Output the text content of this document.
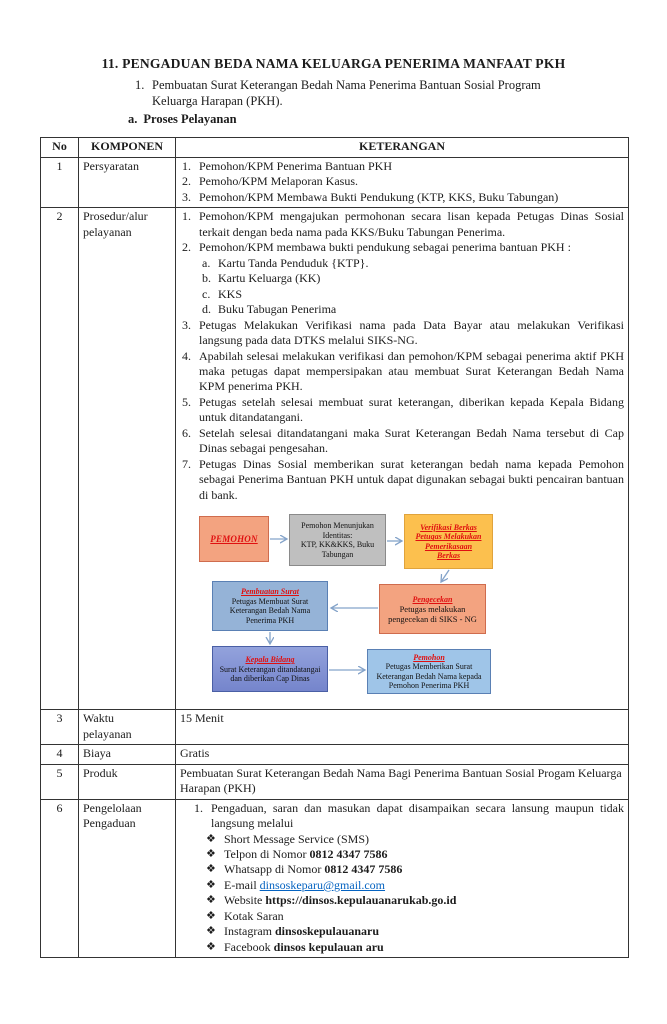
11. PENGADUAN BEDA NAMA KELUARGA PENERIMA MANFAAT PKH
1. Pembuatan Surat Keterangan Bedah Nama Penerima Bantuan Sosial Program Keluarga Harapan (PKH).
a. Proses Pelayanan
No	KOMPONEN	KETERANGAN
1	Persyaratan	1. Pemohon/KPM Penerima Bantuan PKH
2. Pemoho/KPM Melaporan Kasus.
3. Pemohon/KPM Membawa Bukti Pendukung (KTP, KKS, Buku Tabungan)

2	Prosedur/alur pelayanan	
1. Pemohon/KPM mengajukan permohonan secara lisan kepada Petugas Dinas Sosial terkait dengan beda nama pada KKS/Buku Tabungan Penerima.
2. Pemohon/KPM membawa bukti pendukung sebagai penerima bantuan PKH :
a. Kartu Tanda Penduduk {KTP}.
b. Kartu Keluarga (KK)
c. KKS
d. Buku Tabugan Penerima
3. Petugas Melakukan Verifikasi nama pada Data Bayar atau melakukan Verifikasi langsung pada data DTKS melalui SIKS-NG.
4. Apabilah selesai melakukan verifikasi dan pemohon/KPM sebagai penerima aktif PKH maka petugas dapat mempersipakan atau membuat Surat Keterangan Bedah Nama KPM penerima PKH.
5. Petugas setelah selesai membuat surat keterangan, diberikan kepada Kepala Bidang untuk ditandatangani.
6. Setelah selesai ditandatangani maka Surat Keterangan Bedah Nama tersebut di Cap Dinas sebagai pengesahan.
7. Petugas Dinas Sosial memberikan surat keterangan bedah nama kepada Pemohon sebagai Penerima Bantuan PKH untuk dapat digunakan sebagai bukti pencairan bantuan di bank.
PEMOHON
Pemohon Menunjukan
Identitas:
KTP, KK&KKS, Buku
Tabungan
Verifikasi Berkas
Petugas Melakukan
Pemerikasaan
Berkas
Pembuatan Surat
Petugas Membuat Surat Keterangan Bedah Nama Penerima PKH
Pengecekan
Petugas melakukan pengecekan di SIKS - NG
Kepala Bidang
Surat Keterangan ditandatangai dan diberikan Cap Dinas
Pemohon
Petugas Memberikan Surat Keterangan Bedah Nama kepada Pemohon Penerima PKH

3	Waktu pelayanan	15 Menit
4	Biaya	Gratis
5	Produk	Pembuatan Surat Keterangan Bedah Nama Bagi Penerima Bantuan Sosial Progam Keluarga Harapan (PKH)
6	Pengelolaan Pengaduan

1. Pengaduan, saran dan masukan dapat disampaikan secara lansung maupun tidak langsung melalui
❖ Short Message Service (SMS)
❖ Telpon di Nomor 0812 4347 7586
❖ Whatsapp di Nomor 0812 4347 7586
❖ E-mail dinsoskeparu@gmail.com
❖ Website https://dinsos.kepulauanarukab.go.id
❖ Kotak Saran
❖ Instagram dinsoskepulauanaru
❖ Facebook dinsos kepulauan aru
